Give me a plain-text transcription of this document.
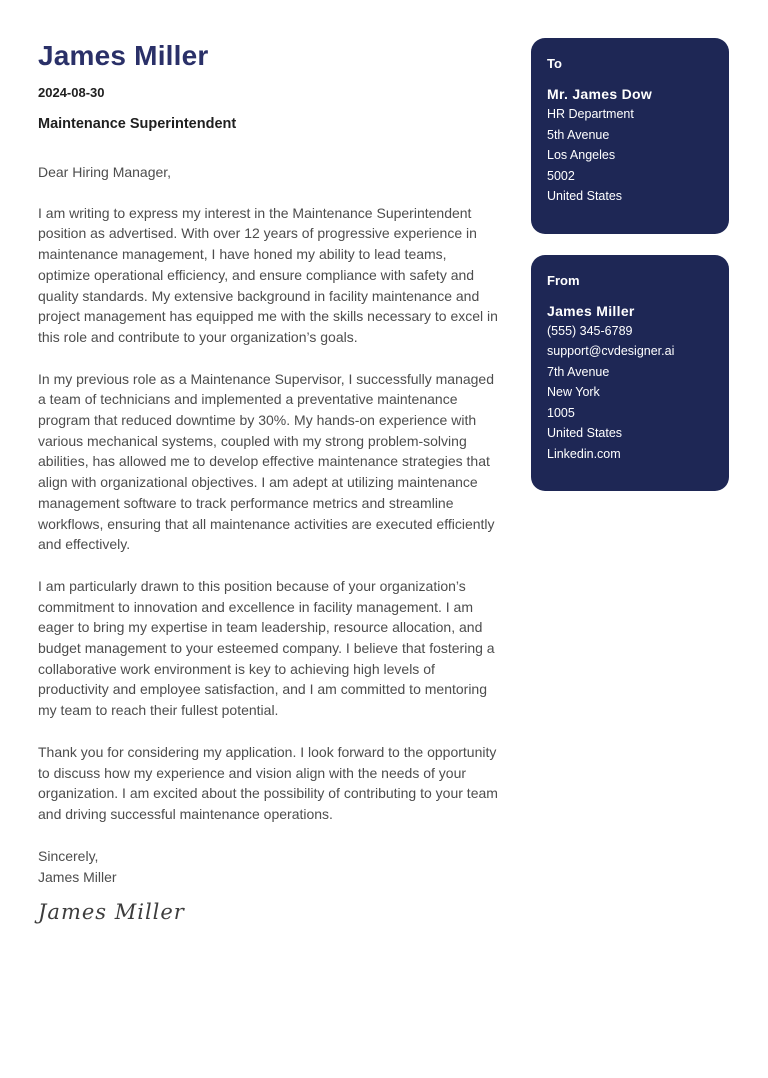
James Miller
2024-08-30
Maintenance Superintendent
Dear Hiring Manager,

I am writing to express my interest in the Maintenance Superintendent position as advertised. With over 12 years of progressive experience in maintenance management, I have honed my ability to lead teams, optimize operational efficiency, and ensure compliance with safety and quality standards. My extensive background in facility maintenance and project management has equipped me with the skills necessary to excel in this role and contribute to your organization’s goals.

In my previous role as a Maintenance Supervisor, I successfully managed a team of technicians and implemented a preventative maintenance program that reduced downtime by 30%. My hands-on experience with various mechanical systems, coupled with my strong problem-solving abilities, has allowed me to develop effective maintenance strategies that align with organizational objectives. I am adept at utilizing maintenance management software to track performance metrics and streamline workflows, ensuring that all maintenance activities are executed efficiently and effectively.

I am particularly drawn to this position because of your organization’s commitment to innovation and excellence in facility management. I am eager to bring my expertise in team leadership, resource allocation, and budget management to your esteemed company. I believe that fostering a collaborative work environment is key to achieving high levels of productivity and employee satisfaction, and I am committed to mentoring my team to reach their fullest potential.

Thank you for considering my application. I look forward to the opportunity to discuss how my experience and vision align with the needs of your organization. I am excited about the possibility of contributing to your team and driving successful maintenance operations.

Sincerely,
James Miller
James Miller
To
Mr. James Dow
HR Department
5th Avenue
Los Angeles
5002
United States
From
James Miller
(555) 345-6789
support@cvdesigner.ai
7th Avenue
New York
1005
United States
Linkedin.com
